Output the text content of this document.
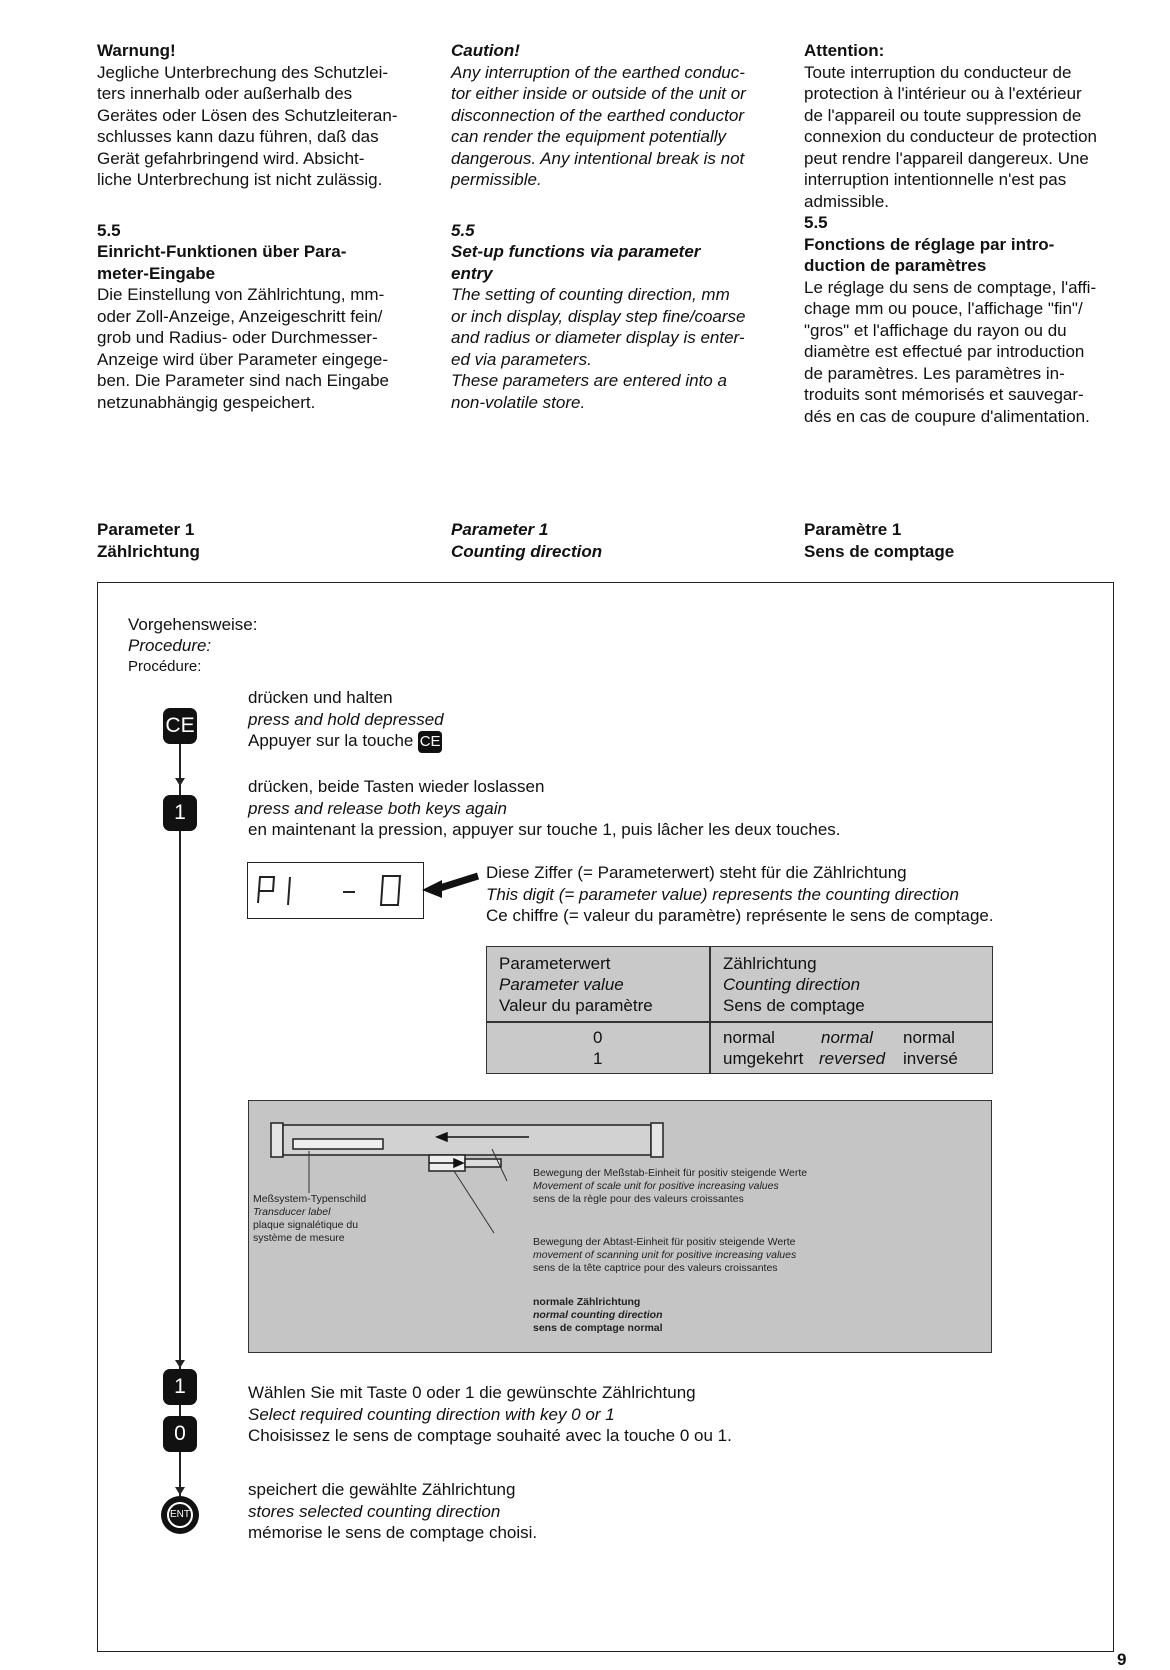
Warnung!
Jegliche Unterbrechung des Schutzlei-
ters innerhalb oder außerhalb des
Gerätes oder Lösen des Schutzleiteran-
schlusses kann dazu führen, daß das
Gerät gefahrbringend wird. Absicht-
liche Unterbrechung ist nicht zulässig.
5.5
Einricht-Funktionen über Para-
meter-Eingabe
Die Einstellung von Zählrichtung, mm-
oder Zoll-Anzeige, Anzeigeschritt fein/
grob und Radius- oder Durchmesser-
Anzeige wird über Parameter eingege-
ben. Die Parameter sind nach Eingabe
netzunabhängig gespeichert.
Caution!
Any interruption of the earthed conduc-
tor either inside or outside of the unit or
disconnection of the earthed conductor
can render the equipment potentially
dangerous. Any intentional break is not
permissible.
5.5
Set-up functions via parameter
entry
The setting of counting direction, mm
or inch display, display step fine/coarse
and radius or diameter display is enter-
ed via parameters.
These parameters are entered into a
non-volatile store.
Attention:
Toute interruption du conducteur de
protection à l'intérieur ou à l'extérieur
de l'appareil ou toute suppression de
connexion du conducteur de protection
peut rendre l'appareil dangereux. Une
interruption intentionnelle n'est pas
admissible.
5.5
Fonctions de réglage par intro-
duction de paramètres
Le réglage du sens de comptage, l'affi-
chage mm ou pouce, l'affichage "fin"/
"gros" et l'affichage du rayon ou du
diamètre est effectué par introduction
de paramètres. Les paramètres in-
troduits sont mémorisés et sauvegar-
dés en cas de coupure d'alimentation.
Parameter 1
Zählrichtung
Parameter 1
Counting direction
Paramètre 1
Sens de comptage
Vorgehensweise:
Procedure:
Procédure:
CE
1
1
0
ENT
drücken und halten
press and hold depressed
Appuyer sur la touche CE
drücken, beide Tasten wieder loslassen
press and release both keys again
en maintenant la pression, appuyer sur touche 1, puis lâcher les deux touches.
Diese Ziffer (= Parameterwert) steht für die Zählrichtung
This digit (= parameter value) represents the counting direction
Ce chiffre (= valeur du paramètre) représente le sens de comptage.
Parameterwert
Parameter value
Valeur du paramètre
Zählrichtung
Counting direction
Sens de comptage
0	normal	normal normal
1	umgekehrt reversed inversé
Meßsystem-Typenschild
Transducer label
plaque signalétique du
système de mesure
Bewegung der Meßstab-Einheit für positiv steigende Werte
Movement of scale unit for positive increasing values
sens de la règle pour des valeurs croissantes
Bewegung der Abtast-Einheit für positiv steigende Werte
movement of scanning unit for positive increasing values
sens de la tête captrice pour des valeurs croissantes
normale Zählrichtung
normal counting direction
sens de comptage normal
Wählen Sie mit Taste 0 oder 1 die gewünschte Zählrichtung
Select required counting direction with key 0 or 1
Choisissez le sens de comptage souhaité avec la touche 0 ou 1.
speichert die gewählte Zählrichtung
stores selected counting direction
mémorise le sens de comptage choisi.
9
